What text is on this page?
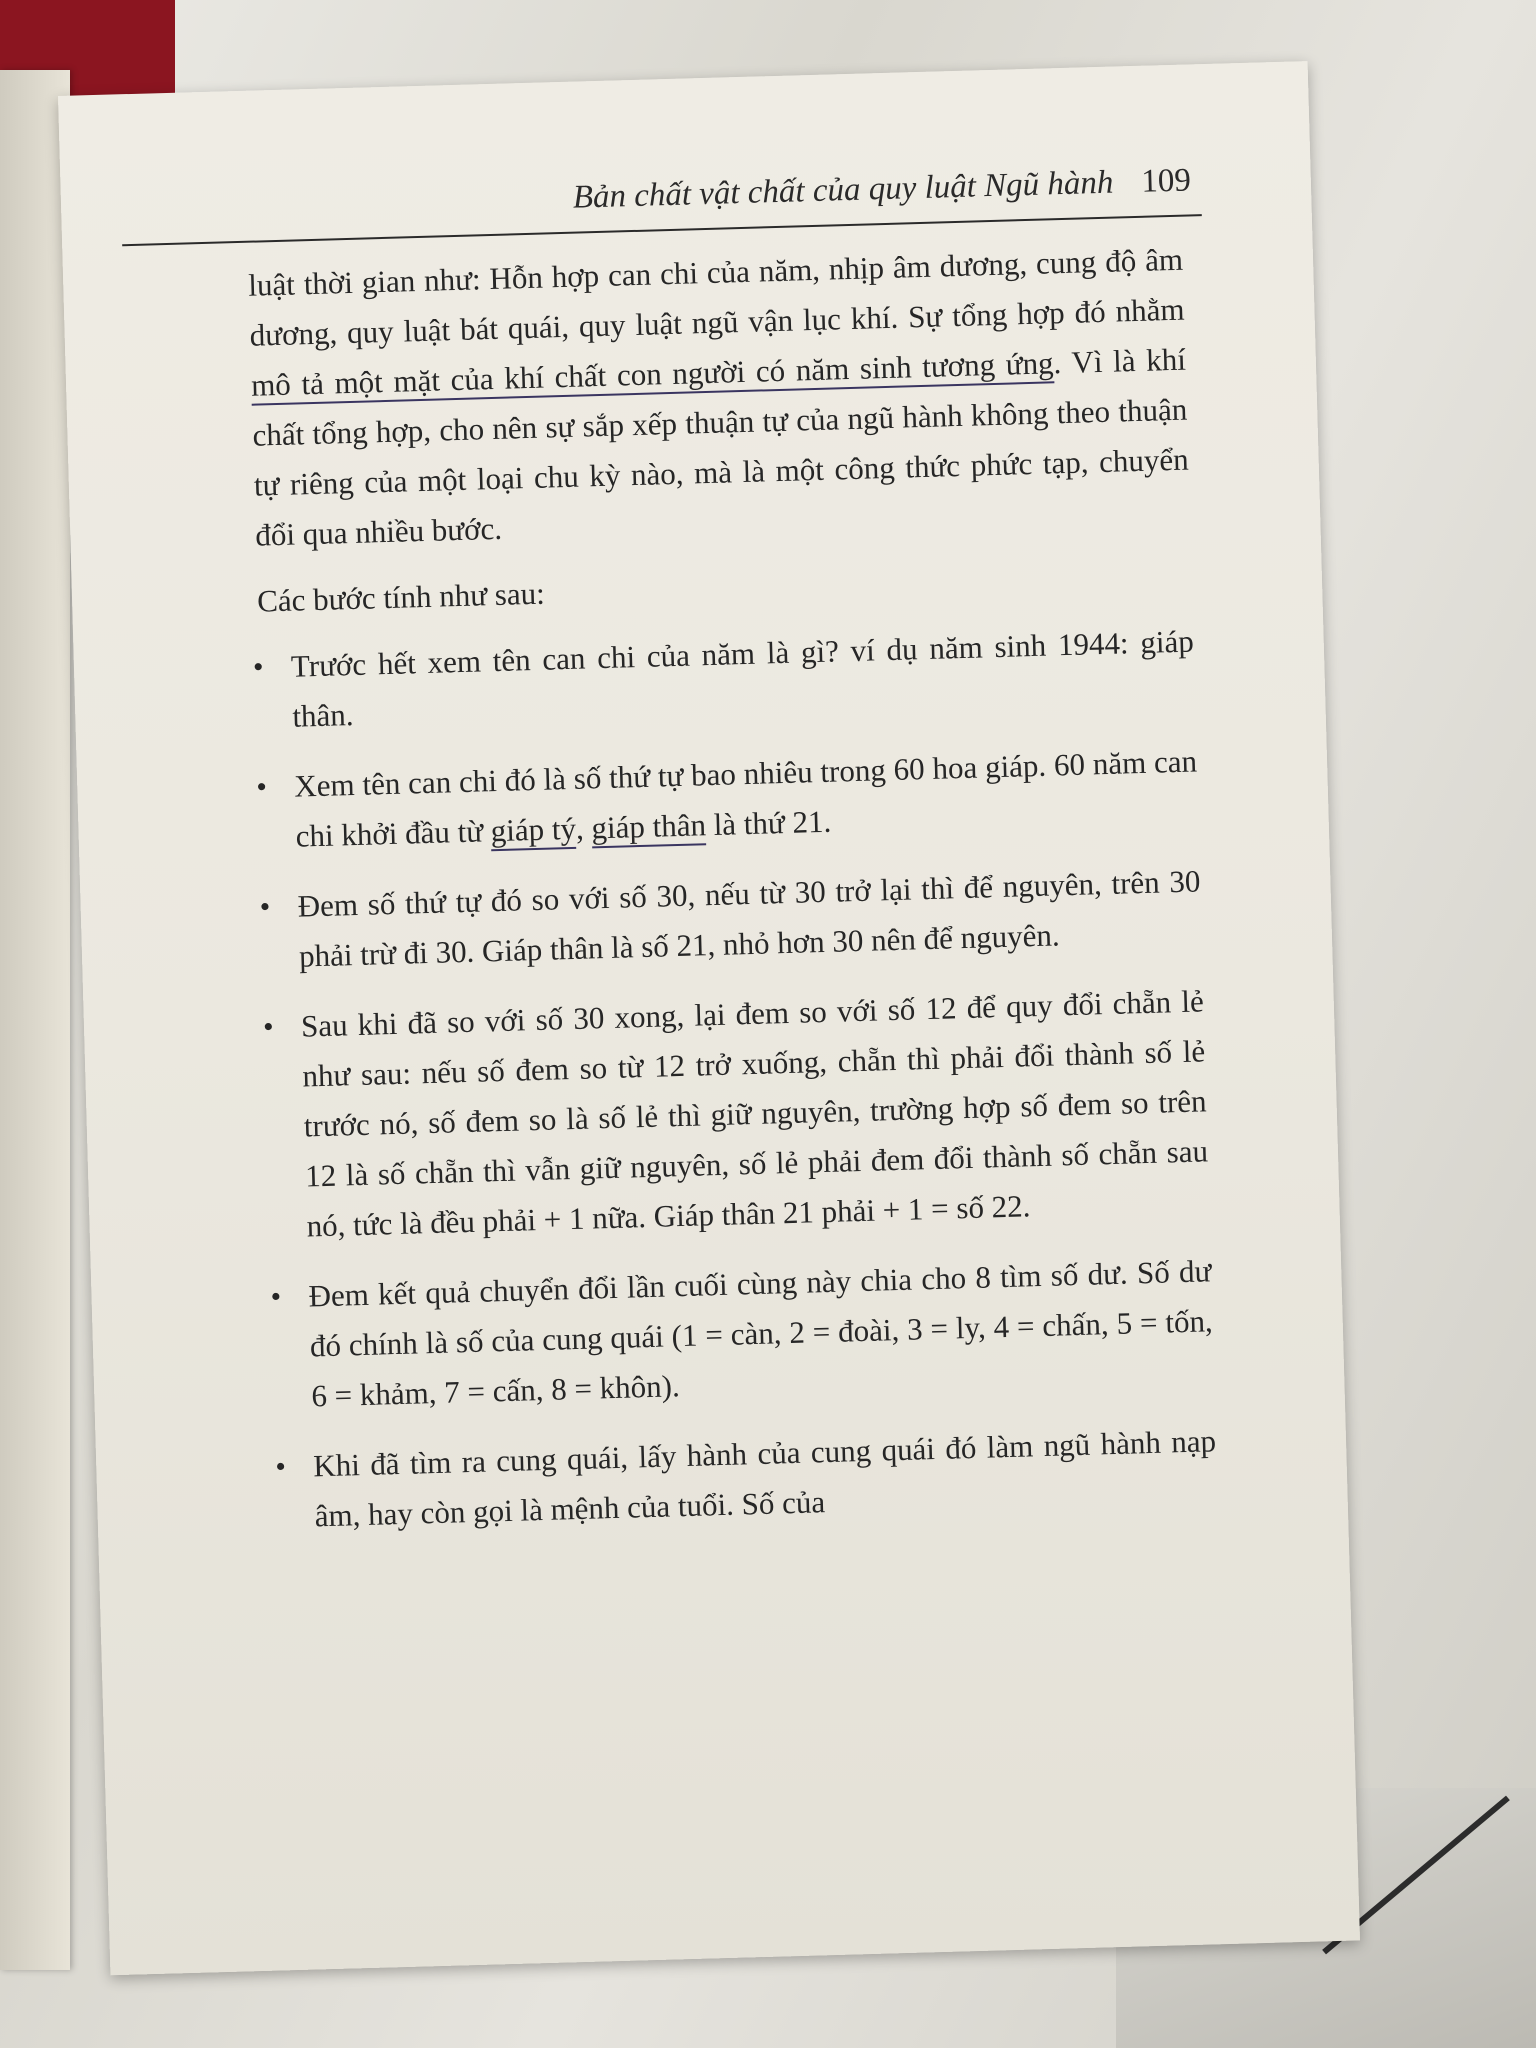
Bản chất vật chất của quy luật Ngũ hành 109

luật thời gian như: Hỗn hợp can chi của năm, nhịp âm dương, cung độ âm dương, quy luật bát quái, quy luật ngũ vận lục khí. Sự tổng hợp đó nhằm mô tả một mặt của khí chất con người có năm sinh tương ứng. Vì là khí chất tổng hợp, cho nên sự sắp xếp thuận tự của ngũ hành không theo thuận tự riêng của một loại chu kỳ nào, mà là một công thức phức tạp, chuyển đổi qua nhiều bước.

Các bước tính như sau:

• Trước hết xem tên can chi của năm là gì? ví dụ năm sinh 1944: giáp thân.
• Xem tên can chi đó là số thứ tự bao nhiêu trong 60 hoa giáp. 60 năm can chi khởi đầu từ giáp tý, giáp thân là thứ 21.
• Đem số thứ tự đó so với số 30, nếu từ 30 trở lại thì để nguyên, trên 30 phải trừ đi 30. Giáp thân là số 21, nhỏ hơn 30 nên để nguyên.
• Sau khi đã so với số 30 xong, lại đem so với số 12 để quy đổi chẵn lẻ như sau: nếu số đem so từ 12 trở xuống, chẵn thì phải đổi thành số lẻ trước nó, số đem so là số lẻ thì giữ nguyên, trường hợp số đem so trên 12 là số chẵn thì vẫn giữ nguyên, số lẻ phải đem đổi thành số chẵn sau nó, tức là đều phải + 1 nữa. Giáp thân 21 phải + 1 = số 22.
• Đem kết quả chuyển đổi lần cuối cùng này chia cho 8 tìm số dư. Số dư đó chính là số của cung quái (1 = càn, 2 = đoài, 3 = ly, 4 = chấn, 5 = tốn, 6 = khảm, 7 = cấn, 8 = khôn).
• Khi đã tìm ra cung quái, lấy hành của cung quái đó làm ngũ hành nạp âm, hay còn gọi là mệnh của tuổi. Số của
